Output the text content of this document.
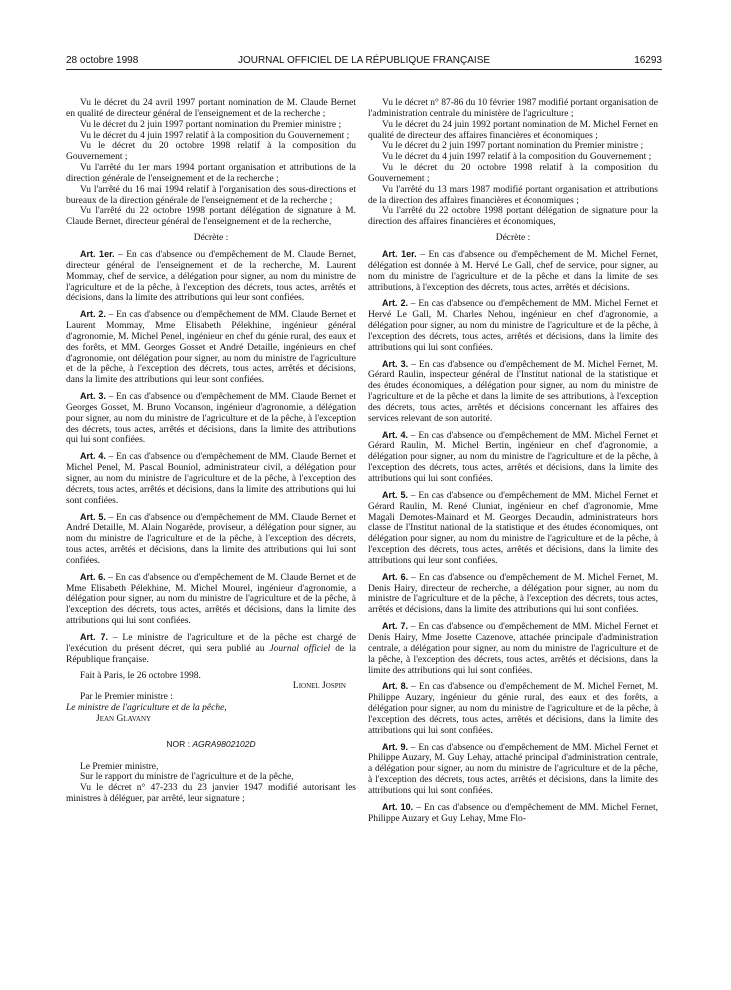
28 octobre 1998	JOURNAL OFFICIEL DE LA RÉPUBLIQUE FRANÇAISE	16293

Vu le décret du 24 avril 1997 portant nomination de M. Claude Bernet en qualité de directeur général de l'enseignement et de la recherche ;

Vu le décret du 2 juin 1997 portant nomination du Premier ministre ;

Vu le décret du 4 juin 1997 relatif à la composition du Gouvernement ;

Vu le décret du 20 octobre 1998 relatif à la composition du Gouvernement ;

Vu l'arrêté du 1er mars 1994 portant organisation et attributions de la direction générale de l'enseignement et de la recherche ;

Vu l'arrêté du 16 mai 1994 relatif à l'organisation des sous-directions et bureaux de la direction générale de l'enseignement et de la recherche ;

Vu l'arrêté du 22 octobre 1998 portant délégation de signature à M. Claude Bernet, directeur général de l'enseignement et de la recherche,

Décrète :

Art. 1er. – En cas d'absence ou d'empêchement de M. Claude Bernet, directeur général de l'enseignement et de la recherche, M. Laurent Mommay, chef de service, a délégation pour signer, au nom du ministre de l'agriculture et de la pêche, à l'exception des décrets, tous actes, arrêtés et décisions, dans la limite des attributions qui leur sont confiées.

Art. 2. – En cas d'absence ou d'empêchement de MM. Claude Bernet et Laurent Mommay, Mme Elisabeth Pélekhine, ingénieur général d'agronomie, M. Michel Penel, ingénieur en chef du génie rural, des eaux et des forêts, et MM. Georges Gosset et André Detaille, ingénieurs en chef d'agronomie, ont délégation pour signer, au nom du ministre de l'agriculture et de la pêche, à l'exception des décrets, tous actes, arrêtés et décisions, dans la limite des attributions qui leur sont confiées.

Art. 3. – En cas d'absence ou d'empêchement de MM. Claude Bernet et Georges Gosset, M. Bruno Vocanson, ingénieur d'agronomie, a délégation pour signer, au nom du ministre de l'agriculture et de la pêche, à l'exception des décrets, tous actes, arrêtés et décisions, dans la limite des attributions qui lui sont confiées.

Art. 4. – En cas d'absence ou d'empêchement de MM. Claude Bernet et Michel Penel, M. Pascal Bouniol, administrateur civil, a délégation pour signer, au nom du ministre de l'agriculture et de la pêche, à l'exception des décrets, tous actes, arrêtés et décisions, dans la limite des attributions qui lui sont confiées.

Art. 5. – En cas d'absence ou d'empêchement de MM. Claude Bernet et André Detaille, M. Alain Nogarède, proviseur, a délégation pour signer, au nom du ministre de l'agriculture et de la pêche, à l'exception des décrets, tous actes, arrêtés et décisions, dans la limite des attributions qui lui sont confiées.

Art. 6. – En cas d'absence ou d'empêchement de M. Claude Bernet et de Mme Elisabeth Pélekhine, M. Michel Mourel, ingénieur d'agronomie, a délégation pour signer, au nom du ministre de l'agriculture et de la pêche, à l'exception des décrets, tous actes, arrêtés et décisions, dans la limite des attributions qui lui sont confiées.

Art. 7. – Le ministre de l'agriculture et de la pêche est chargé de l'exécution du présent décret, qui sera publié au Journal officiel de la République française.

Fait à Paris, le 26 octobre 1998.

Lionel Jospin

Par le Premier ministre :

Le ministre de l'agriculture et de la pêche,

Jean Glavany

NOR : AGRA9802102D

Le Premier ministre,

Sur le rapport du ministre de l'agriculture et de la pêche,

Vu le décret n° 47-233 du 23 janvier 1947 modifié autorisant les ministres à déléguer, par arrêté, leur signature ;

Vu le décret n° 87-86 du 10 février 1987 modifié portant organisation de l'administration centrale du ministère de l'agriculture ;

Vu le décret du 24 juin 1992 portant nomination de M. Michel Fernet en qualité de directeur des affaires financières et économiques ;

Vu le décret du 2 juin 1997 portant nomination du Premier ministre ;

Vu le décret du 4 juin 1997 relatif à la composition du Gouvernement ;

Vu le décret du 20 octobre 1998 relatif à la composition du Gouvernement ;

Vu l'arrêté du 13 mars 1987 modifié portant organisation et attributions de la direction des affaires financières et économiques ;

Vu l'arrêté du 22 octobre 1998 portant délégation de signature pour la direction des affaires financières et économiques,

Décrète :

Art. 1er. – En cas d'absence ou d'empêchement de M. Michel Fernet, délégation est donnée à M. Hervé Le Gall, chef de service, pour signer, au nom du ministre de l'agriculture et de la pêche et dans la limite de ses attributions, à l'exception des décrets, tous actes, arrêtés et décisions.

Art. 2. – En cas d'absence ou d'empêchement de MM. Michel Fernet et Hervé Le Gall, M. Charles Nehou, ingénieur en chef d'agronomie, a délégation pour signer, au nom du ministre de l'agriculture et de la pêche, à l'exception des décrets, tous actes, arrêtés et décisions, dans la limite des attributions qui lui sont confiées.

Art. 3. – En cas d'absence ou d'empêchement de M. Michel Fernet, M. Gérard Raulin, inspecteur général de l'Institut national de la statistique et des études économiques, a délégation pour signer, au nom du ministre de l'agriculture et de la pêche et dans la limite de ses attributions, à l'exception des décrets, tous actes, arrêtés et décisions concernant les affaires des services relevant de son autorité.

Art. 4. – En cas d'absence ou d'empêchement de MM. Michel Fernet et Gérard Raulin, M. Michel Bertin, ingénieur en chef d'agronomie, a délégation pour signer, au nom du ministre de l'agriculture et de la pêche, à l'exception des décrets, tous actes, arrêtés et décisions, dans la limite des attributions qui lui sont confiées.

Art. 5. – En cas d'absence ou d'empêchement de MM. Michel Fernet et Gérard Raulin, M. René Cluniat, ingénieur en chef d'agronomie, Mme Magali Demotes-Mainard et M. Georges Decaudin, administrateurs hors classe de l'Institut national de la statistique et des études économiques, ont délégation pour signer, au nom du ministre de l'agriculture et de la pêche, à l'exception des décrets, tous actes, arrêtés et décisions, dans la limite des attributions qui leur sont confiées.

Art. 6. – En cas d'absence ou d'empêchement de M. Michel Fernet, M. Denis Hairy, directeur de recherche, a délégation pour signer, au nom du ministre de l'agriculture et de la pêche, à l'exception des décrets, tous actes, arrêtés et décisions, dans la limite des attributions qui lui sont confiées.

Art. 7. – En cas d'absence ou d'empêchement de MM. Michel Fernet et Denis Hairy, Mme Josette Cazenove, attachée principale d'administration centrale, a délégation pour signer, au nom du ministre de l'agriculture et de la pêche, à l'exception des décrets, tous actes, arrêtés et décisions, dans la limite des attributions qui lui sont confiées.

Art. 8. – En cas d'absence ou d'empêchement de M. Michel Fernet, M. Philippe Auzary, ingénieur du génie rural, des eaux et des forêts, a délégation pour signer, au nom du ministre de l'agriculture et de la pêche, à l'exception des décrets, tous actes, arrêtés et décisions, dans la limite des attributions qui lui sont confiées.

Art. 9. – En cas d'absence ou d'empêchement de MM. Michel Fernet et Philippe Auzary, M. Guy Lehay, attaché principal d'administration centrale, a délégation pour signer, au nom du ministre de l'agriculture et de la pêche, à l'exception des décrets, tous actes, arrêtés et décisions, dans la limite des attributions qui lui sont confiées.

Art. 10. – En cas d'absence ou d'empêchement de MM. Michel Fernet, Philippe Auzary et Guy Lehay, Mme Flo-
